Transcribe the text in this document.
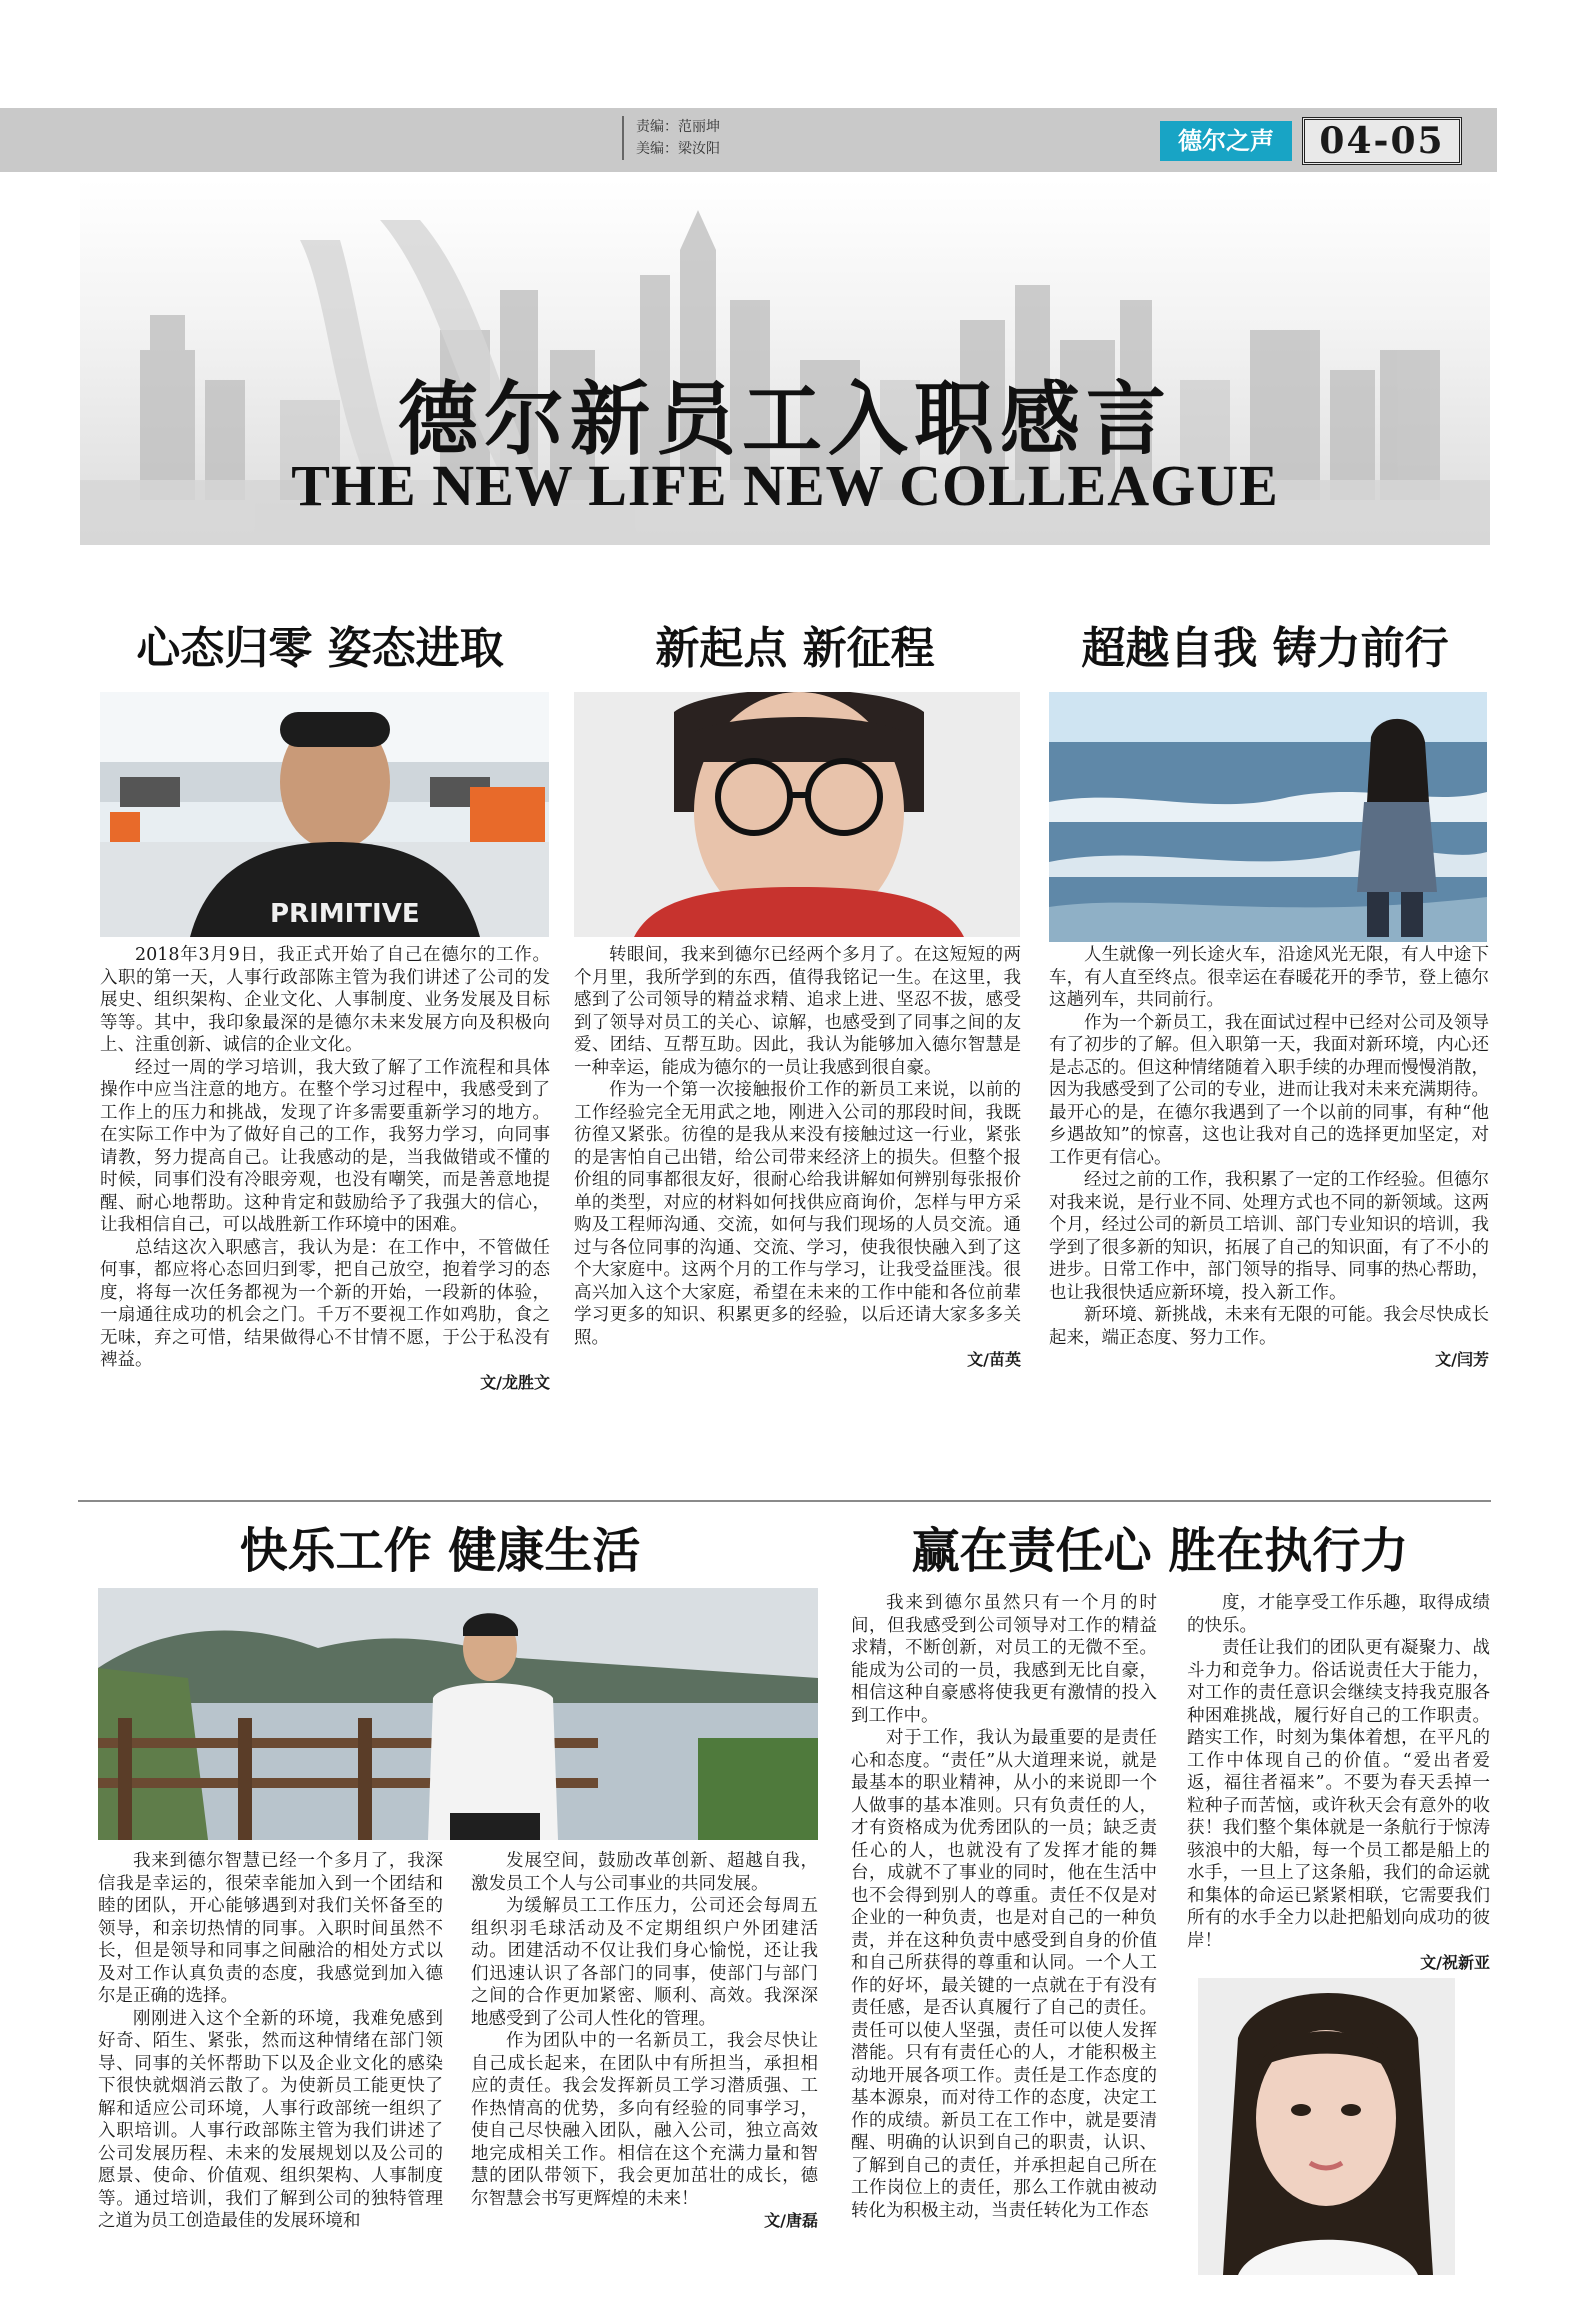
责编：范丽坤
美编：梁汝阳	德尔之声	04-05
德尔新员工入职感言
THE NEW LIFE NEW COLLEAGUE
心态归零 姿态进取
PRIMITIVE

2018年3月9日，我正式开始了自己在德尔的工作。入职的第一天，人事行政部陈主管为我们讲述了公司的发展史、组织架构、企业文化、人事制度、业务发展及目标等等。其中，我印象最深的是德尔未来发展方向及积极向上、注重创新、诚信的企业文化。

经过一周的学习培训，我大致了解了工作流程和具体操作中应当注意的地方。在整个学习过程中，我感受到了工作上的压力和挑战，发现了许多需要重新学习的地方。在实际工作中为了做好自己的工作，我努力学习，向同事请教，努力提高自己。让我感动的是，当我做错或不懂的时候，同事们没有冷眼旁观，也没有嘲笑，而是善意地提醒、耐心地帮助。这种肯定和鼓励给予了我强大的信心，让我相信自己，可以战胜新工作环境中的困难。

总结这次入职感言，我认为是：在工作中，不管做任何事，都应将心态回归到零，把自己放空，抱着学习的态度，将每一次任务都视为一个新的开始，一段新的体验，一扇通往成功的机会之门。千万不要视工作如鸡肋，食之无味，弃之可惜，结果做得心不甘情不愿，于公于私没有裨益。

文/龙胜文

新起点 新征程

转眼间，我来到德尔已经两个多月了。在这短短的两个月里，我所学到的东西，值得我铭记一生。在这里，我感到了公司领导的精益求精、追求上进、坚忍不拔，感受到了领导对员工的关心、谅解，也感受到了同事之间的友爱、团结、互帮互助。因此，我认为能够加入德尔智慧是一种幸运，能成为德尔的一员让我感到很自豪。

作为一个第一次接触报价工作的新员工来说，以前的工作经验完全无用武之地，刚进入公司的那段时间，我既彷徨又紧张。彷徨的是我从来没有接触过这一行业，紧张的是害怕自己出错，给公司带来经济上的损失。但整个报价组的同事都很友好，很耐心给我讲解如何辨别每张报价单的类型，对应的材料如何找供应商询价，怎样与甲方采购及工程师沟通、交流，如何与我们现场的人员交流。通过与各位同事的沟通、交流、学习，使我很快融入到了这个大家庭中。这两个月的工作与学习，让我受益匪浅。很高兴加入这个大家庭，希望在未来的工作中能和各位前辈学习更多的知识、积累更多的经验，以后还请大家多多关照。

文/苗英

超越自我 铸力前行

人生就像一列长途火车，沿途风光无限，有人中途下车，有人直至终点。很幸运在春暖花开的季节，登上德尔这趟列车，共同前行。

作为一个新员工，我在面试过程中已经对公司及领导有了初步的了解。但入职第一天，我面对新环境，内心还是忐忑的。但这种情绪随着入职手续的办理而慢慢消散，因为我感受到了公司的专业，进而让我对未来充满期待。最开心的是，在德尔我遇到了一个以前的同事，有种“他乡遇故知”的惊喜，这也让我对自己的选择更加坚定，对工作更有信心。

经过之前的工作，我积累了一定的工作经验。但德尔对我来说，是行业不同、处理方式也不同的新领域。这两个月，经过公司的新员工培训、部门专业知识的培训，我学到了很多新的知识，拓展了自己的知识面，有了不小的进步。日常工作中，部门领导的指导、同事的热心帮助，也让我很快适应新环境，投入新工作。

新环境、新挑战，未来有无限的可能。我会尽快成长起来，端正态度、努力工作。

文/闫芳

快乐工作 健康生活

我来到德尔智慧已经一个多月了，我深信我是幸运的，很荣幸能加入到一个团结和睦的团队，开心能够遇到对我们关怀备至的领导，和亲切热情的同事。入职时间虽然不长，但是领导和同事之间融洽的相处方式以及对工作认真负责的态度，我感觉到加入德尔是正确的选择。

刚刚进入这个全新的环境，我难免感到好奇、陌生、紧张，然而这种情绪在部门领导、同事的关怀帮助下以及企业文化的感染下很快就烟消云散了。为使新员工能更快了解和适应公司环境，人事行政部统一组织了入职培训。人事行政部陈主管为我们讲述了公司发展历程、未来的发展规划以及公司的愿景、使命、价值观、组织架构、人事制度等。通过培训，我们了解到公司的独特管理之道为员工创造最佳的发展环境和

发展空间，鼓励改革创新、超越自我，激发员工个人与公司事业的共同发展。

为缓解员工工作压力，公司还会每周五组织羽毛球活动及不定期组织户外团建活动。团建活动不仅让我们身心愉悦，还让我们迅速认识了各部门的同事，使部门与部门之间的合作更加紧密、顺利、高效。我深深地感受到了公司人性化的管理。

作为团队中的一名新员工，我会尽快让自己成长起来，在团队中有所担当，承担相应的责任。我会发挥新员工学习潜质强、工作热情高的优势，多向有经验的同事学习，使自己尽快融入团队，融入公司，独立高效地完成相关工作。相信在这个充满力量和智慧的团队带领下，我会更加茁壮的成长，德尔智慧会书写更辉煌的未来！

文/唐磊

赢在责任心 胜在执行力

我来到德尔虽然只有一个月的时间，但我感受到公司领导对工作的精益求精，不断创新，对员工的无微不至。能成为公司的一员，我感到无比自豪，相信这种自豪感将使我更有激情的投入到工作中。

对于工作，我认为最重要的是责任心和态度。“责任”从大道理来说，就是最基本的职业精神，从小的来说即一个人做事的基本准则。只有负责任的人，才有资格成为优秀团队的一员；缺乏责任心的人，也就没有了发挥才能的舞台，成就不了事业的同时，他在生活中也不会得到别人的尊重。责任不仅是对企业的一种负责，也是对自己的一种负责，并在这种负责中感受到自身的价值和自己所获得的尊重和认同。一个人工作的好坏，最关键的一点就在于有没有责任感，是否认真履行了自己的责任。责任可以使人坚强，责任可以使人发挥潜能。只有有责任心的人，才能积极主动地开展各项工作。责任是工作态度的基本源泉，而对待工作的态度，决定工作的成绩。新员工在工作中，就是要清醒、明确的认识到自己的职责，认识、了解到自己的责任，并承担起自己所在工作岗位上的责任，那么工作就由被动转化为积极主动，当责任转化为工作态

度，才能享受工作乐趣，取得成绩的快乐。

责任让我们的团队更有凝聚力、战斗力和竞争力。俗话说责任大于能力，对工作的责任意识会继续支持我克服各种困难挑战，履行好自己的工作职责。踏实工作，时刻为集体着想，在平凡的工作中体现自己的价值。“爱出者爱返，福往者福来”。不要为春天丢掉一粒种子而苦恼，或许秋天会有意外的收获！我们整个集体就是一条航行于惊涛骇浪中的大船，每一个员工都是船上的水手，一旦上了这条船，我们的命运就和集体的命运已紧紧相联，它需要我们所有的水手全力以赴把船划向成功的彼岸！

文/祝新亚
